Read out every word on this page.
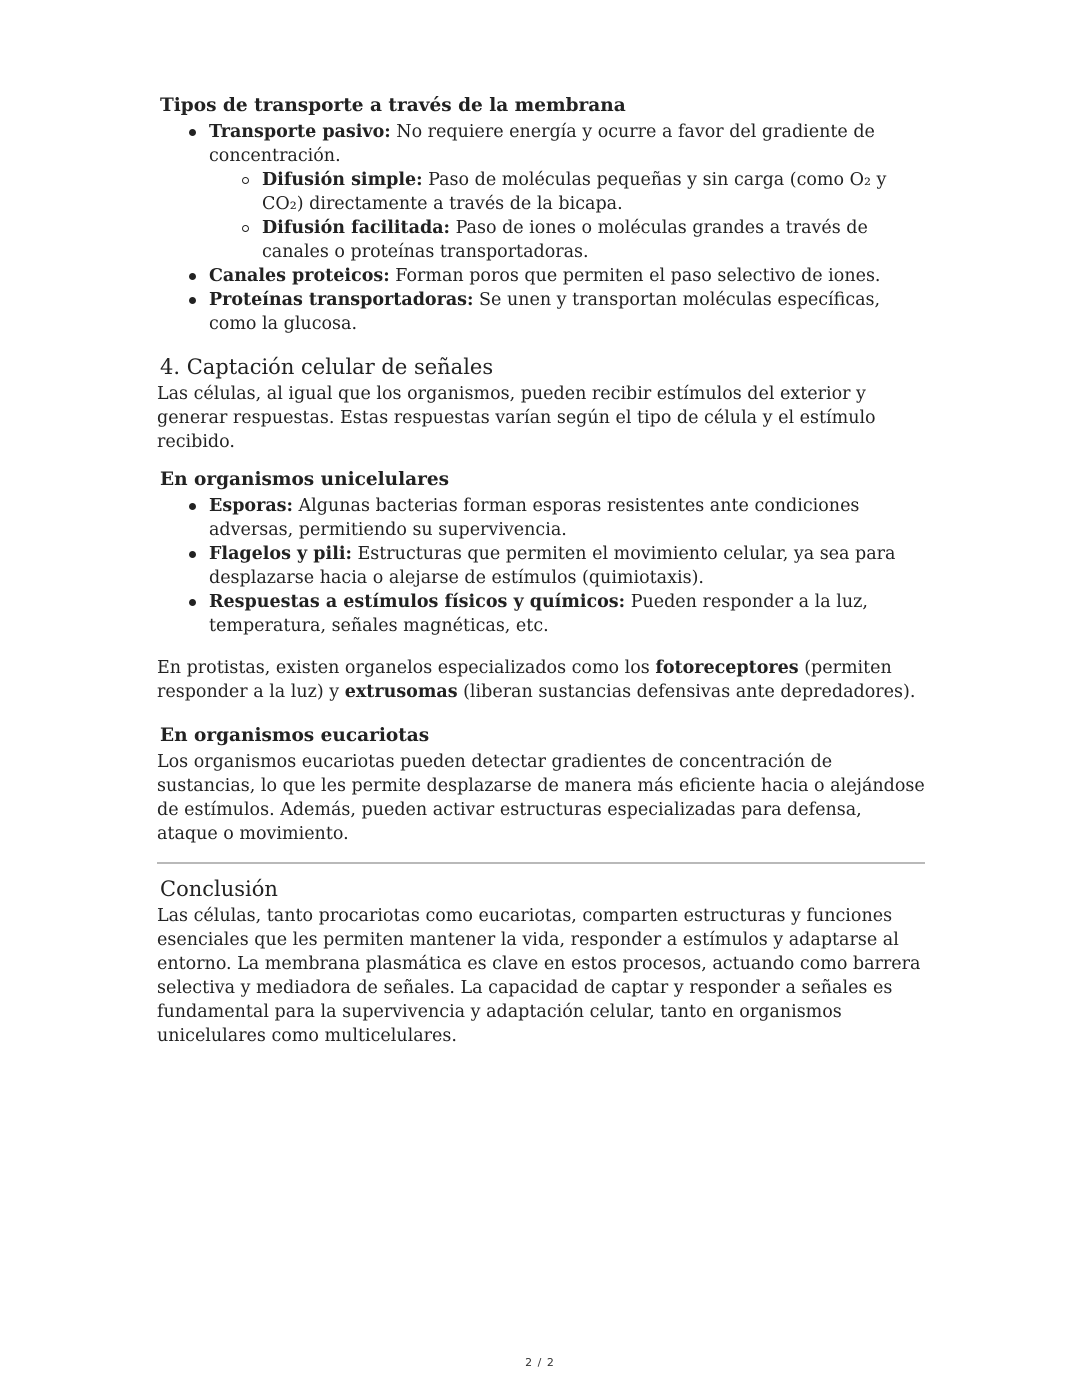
Tipos de transporte a través de la membrana
Transporte pasivo: No requiere energía y ocurre a favor del gradiente de concentración.
Difusión simple: Paso de moléculas pequeñas y sin carga (como O₂ y CO₂) directamente a través de la bicapa.
Difusión facilitada: Paso de iones o moléculas grandes a través de canales o proteínas transportadoras.
Canales proteicos: Forman poros que permiten el paso selectivo de iones.
Proteínas transportadoras: Se unen y transportan moléculas específicas, como la glucosa.
4. Captación celular de señales

Las células, al igual que los organismos, pueden recibir estímulos del exterior y generar respuestas. Estas respuestas varían según el tipo de célula y el estímulo recibido.

En organismos unicelulares
Esporas: Algunas bacterias forman esporas resistentes ante condiciones adversas, permitiendo su supervivencia.
Flagelos y pili: Estructuras que permiten el movimiento celular, ya sea para desplazarse hacia o alejarse de estímulos (quimiotaxis).
Respuestas a estímulos físicos y químicos: Pueden responder a la luz, temperatura, señales magnéticas, etc.

En protistas, existen organelos especializados como los fotoreceptores (permiten responder a la luz) y extrusomas (liberan sustancias defensivas ante depredadores).

En organismos eucariotas

Los organismos eucariotas pueden detectar gradientes de concentración de sustancias, lo que les permite desplazarse de manera más eficiente hacia o alejándose de estímulos. Además, pueden activar estructuras especializadas para defensa, ataque o movimiento.

Conclusión

Las células, tanto procariotas como eucariotas, comparten estructuras y funciones esenciales que les permiten mantener la vida, responder a estímulos y adaptarse al entorno. La membrana plasmática es clave en estos procesos, actuando como barrera selectiva y mediadora de señales. La capacidad de captar y responder a señales es fundamental para la supervivencia y adaptación celular, tanto en organismos unicelulares como multicelulares.

2 / 2
